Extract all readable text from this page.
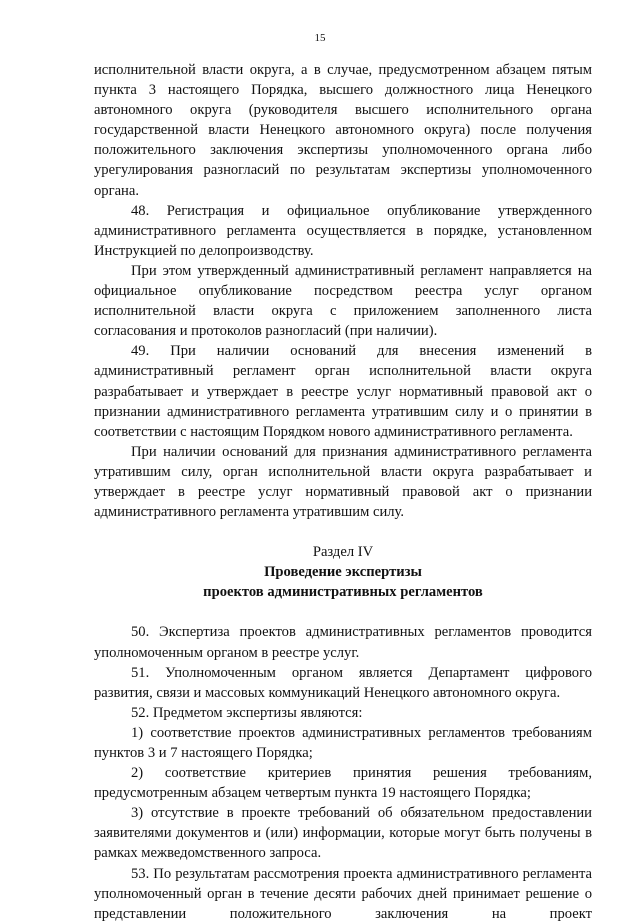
15

исполнительной власти округа, а в случае, предусмотренном абзацем пятым пункта 3 настоящего Порядка, высшего должностного лица Ненецкого автономного округа (руководителя высшего исполнительного органа государственной власти Ненецкого автономного округа) после получения положительного заключения экспертизы уполномоченного органа либо урегулирования разногласий по результатам экспертизы уполномоченного органа.

48. Регистрация и официальное опубликование утвержденного административного регламента осуществляется в порядке, установленном Инструкцией по делопроизводству.

При этом утвержденный административный регламент направляется на официальное опубликование посредством реестра услуг органом исполнительной власти округа с приложением заполненного листа согласования и протоколов разногласий (при наличии).

49. При наличии оснований для внесения изменений в административный регламент орган исполнительной власти округа разрабатывает и утверждает в реестре услуг нормативный правовой акт о признании административного регламента утратившим силу и о принятии в соответствии с настоящим Порядком нового административного регламента.

При наличии оснований для признания административного регламента утратившим силу, орган исполнительной власти округа разрабатывает и утверждает в реестре услуг нормативный правовой акт о признании административного регламента утратившим силу.

Раздел IV

Проведение экспертизы

проектов административных регламентов

50. Экспертиза проектов административных регламентов проводится уполномоченным органом в реестре услуг.

51. Уполномоченным органом является Департамент цифрового развития, связи и массовых коммуникаций Ненецкого автономного округа.

52. Предметом экспертизы являются:

1) соответствие проектов административных регламентов требованиям пунктов 3 и 7 настоящего Порядка;

2) соответствие критериев принятия решения требованиям, предусмотренным абзацем четвертым пункта 19 настоящего Порядка;

3) отсутствие в проекте требований об обязательном предоставлении заявителями документов и (или) информации, которые могут быть получены в рамках межведомственного запроса.

53. По результатам рассмотрения проекта административного регламента уполномоченный орган в течение десяти рабочих дней принимает решение о представлении положительного заключения на проект
